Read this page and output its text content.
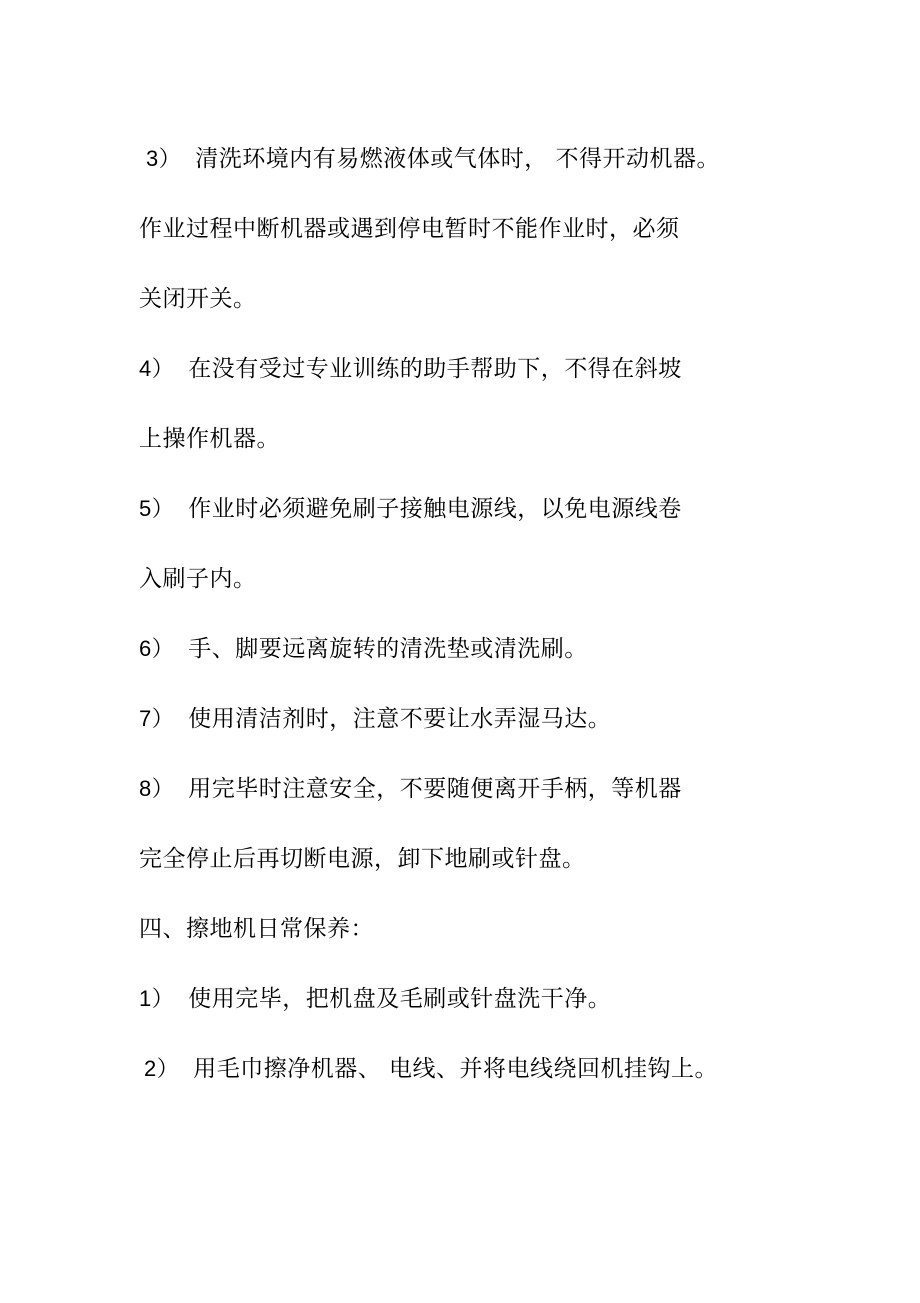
3） 清洗环境内有易燃液体或气体时， 不得开动机器。
作业过程中断机器或遇到停电暂时不能作业时，必须
关闭开关。
4） 在没有受过专业训练的助手帮助下，不得在斜坡
上操作机器。
5） 作业时必须避免刷子接触电源线，以免电源线卷
入刷子内。
6） 手、脚要远离旋转的清洗垫或清洗刷。
7） 使用清洁剂时，注意不要让水弄湿马达。
8） 用完毕时注意安全，不要随便离开手柄，等机器
完全停止后再切断电源，卸下地刷或针盘。
四、擦地机日常保养：
1） 使用完毕，把机盘及毛刷或针盘洗干净。
2） 用毛巾擦净机器、 电线、并将电线绕回机挂钩上。
